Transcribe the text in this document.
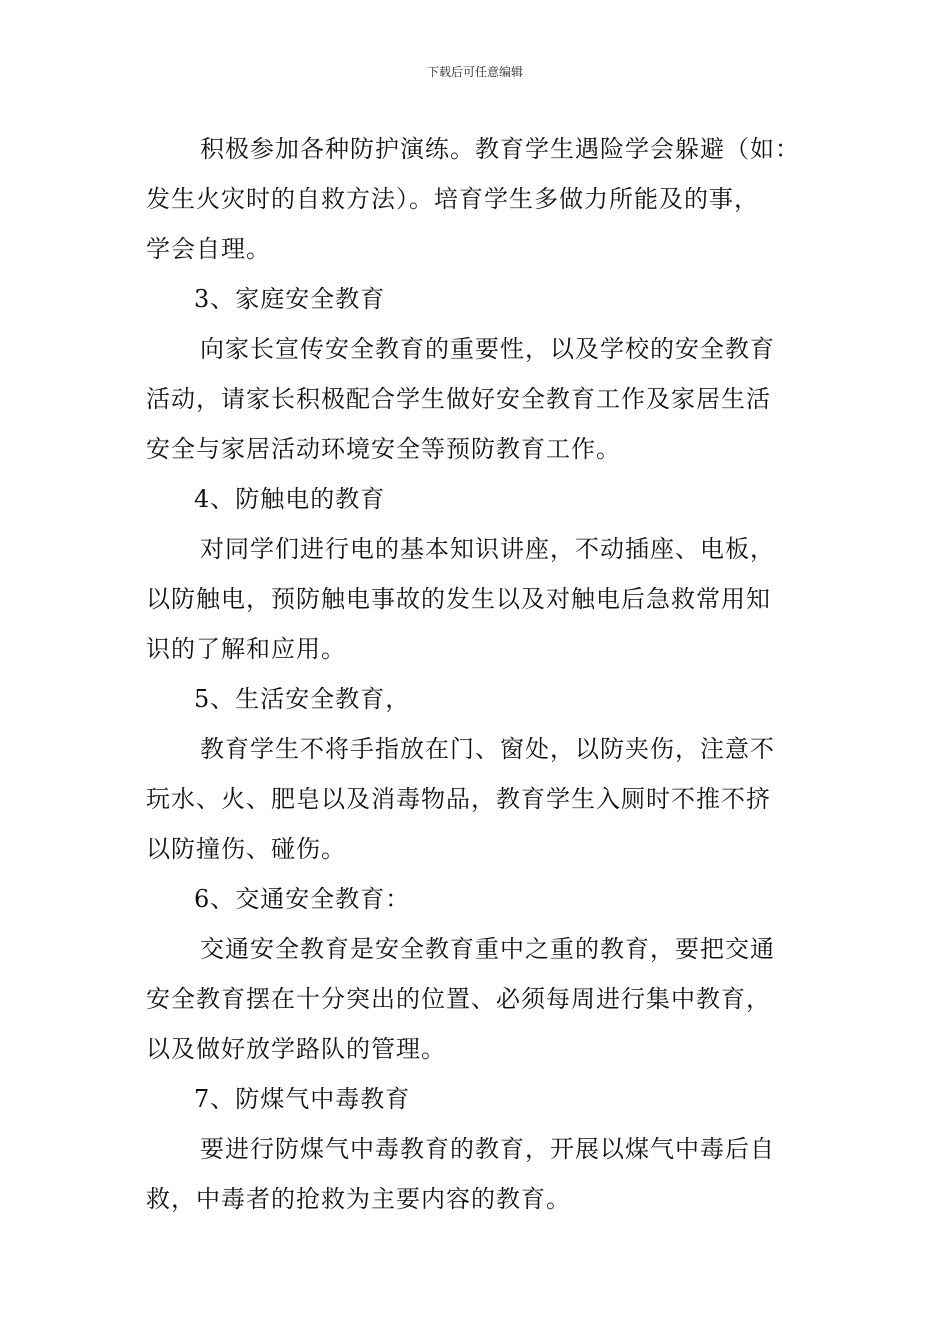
下载后可任意编辑
积极参加各种防护演练。教育学生遇险学会躲避（如：
发生火灾时的自救方法）。培育学生多做力所能及的事，
学会自理。
3、家庭安全教育
向家长宣传安全教育的重要性，以及学校的安全教育
活动，请家长积极配合学生做好安全教育工作及家居生活
安全与家居活动环境安全等预防教育工作。
4、防触电的教育
对同学们进行电的基本知识讲座，不动插座、电板，
以防触电，预防触电事故的发生以及对触电后急救常用知
识的了解和应用。
5、生活安全教育，
教育学生不将手指放在门、窗处，以防夹伤，注意不
玩水、火、肥皂以及消毒物品，教育学生入厕时不推不挤
以防撞伤、碰伤。
6、交通安全教育：
交通安全教育是安全教育重中之重的教育，要把交通
安全教育摆在十分突出的位置、必须每周进行集中教育，
以及做好放学路队的管理。
7、防煤气中毒教育
要进行防煤气中毒教育的教育，开展以煤气中毒后自
救，中毒者的抢救为主要内容的教育。
